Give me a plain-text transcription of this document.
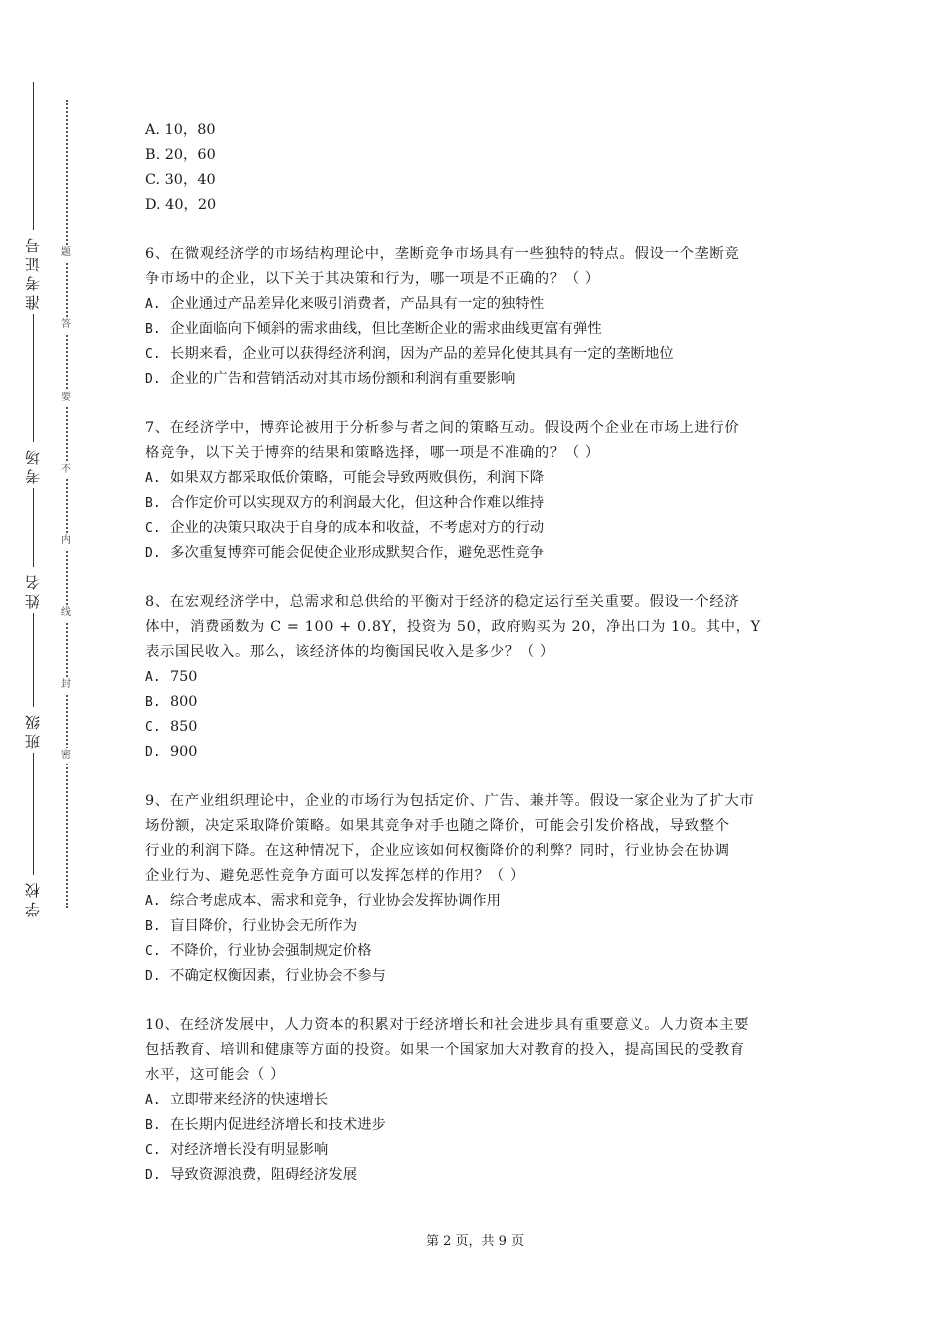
准考证号
考场
姓名
班级
学校
题
答
要
不
内
线
封
密
A. 10，80
B. 20，60
C. 30，40
D. 40，20
6、在微观经济学的市场结构理论中，垄断竞争市场具有一些独特的特点。假设一个垄断竞
争市场中的企业，以下关于其决策和行为，哪一项是不正确的？（ ）
A. 企业通过产品差异化来吸引消费者，产品具有一定的独特性
B. 企业面临向下倾斜的需求曲线，但比垄断企业的需求曲线更富有弹性
C. 长期来看，企业可以获得经济利润，因为产品的差异化使其具有一定的垄断地位
D. 企业的广告和营销活动对其市场份额和利润有重要影响
7、在经济学中，博弈论被用于分析参与者之间的策略互动。假设两个企业在市场上进行价
格竞争，以下关于博弈的结果和策略选择，哪一项是不准确的？（ ）
A. 如果双方都采取低价策略，可能会导致两败俱伤，利润下降
B. 合作定价可以实现双方的利润最大化，但这种合作难以维持
C. 企业的决策只取决于自身的成本和收益，不考虑对方的行动
D. 多次重复博弈可能会促使企业形成默契合作，避免恶性竞争
8、在宏观经济学中，总需求和总供给的平衡对于经济的稳定运行至关重要。假设一个经济
体中，消费函数为 C = 100 + 0.8Y，投资为 50，政府购买为 20，净出口为 10。其中，Y
表示国民收入。那么，该经济体的均衡国民收入是多少？（ ）
A. 750
B. 800
C. 850
D. 900
9、在产业组织理论中，企业的市场行为包括定价、广告、兼并等。假设一家企业为了扩大市
场份额，决定采取降价策略。如果其竞争对手也随之降价，可能会引发价格战，导致整个
行业的利润下降。在这种情况下，企业应该如何权衡降价的利弊？同时，行业协会在协调
企业行为、避免恶性竞争方面可以发挥怎样的作用？（ ）
A. 综合考虑成本、需求和竞争，行业协会发挥协调作用
B. 盲目降价，行业协会无所作为
C. 不降价，行业协会强制规定价格
D. 不确定权衡因素，行业协会不参与
10、在经济发展中，人力资本的积累对于经济增长和社会进步具有重要意义。人力资本主要
包括教育、培训和健康等方面的投资。如果一个国家加大对教育的投入，提高国民的受教育
水平，这可能会（ ）
A. 立即带来经济的快速增长
B. 在长期内促进经济增长和技术进步
C. 对经济增长没有明显影响
D. 导致资源浪费，阻碍经济发展
第 2 页，共 9 页
